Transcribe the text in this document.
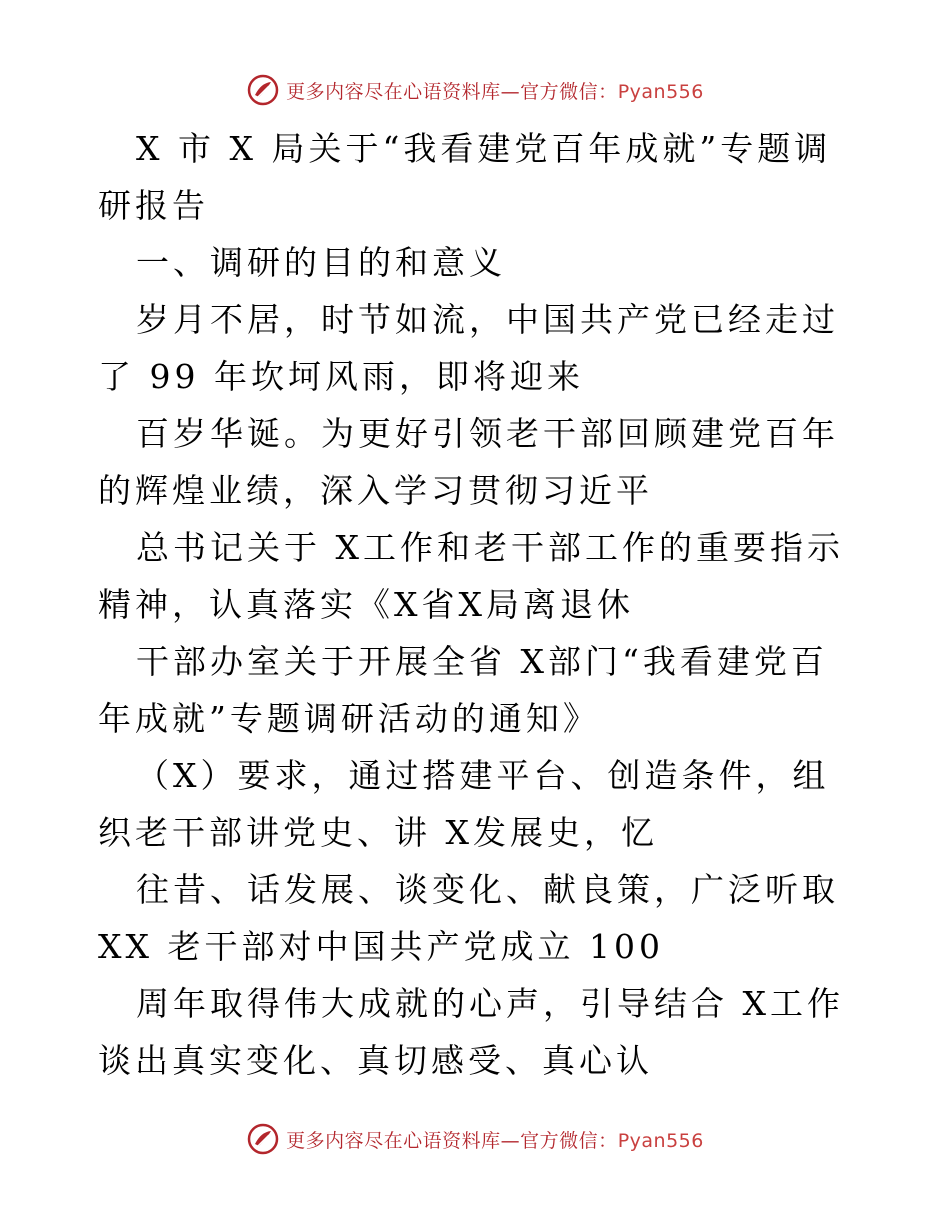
更多内容尽在心语资料库—官方微信：Pyan556

X 市 X 局关于“我看建党百年成就”专题调研报告

一、调研的目的和意义

岁月不居，时节如流，中国共产党已经走过了 99 年坎坷风雨，即将迎来

百岁华诞。为更好引领老干部回顾建党百年的辉煌业绩，深入学习贯彻习近平

总书记关于 X工作和老干部工作的重要指示精神，认真落实《X省X局离退休

干部办室关于开展全省 X部门“我看建党百年成就”专题调研活动的通知》

（X）要求，通过搭建平台、创造条件，组织老干部讲党史、讲 X发展史，忆

往昔、话发展、谈变化、献良策，广泛听取 XX 老干部对中国共产党成立 100

周年取得伟大成就的心声，引导结合 X工作谈出真实变化、真切感受、真心认

更多内容尽在心语资料库—官方微信：Pyan556
